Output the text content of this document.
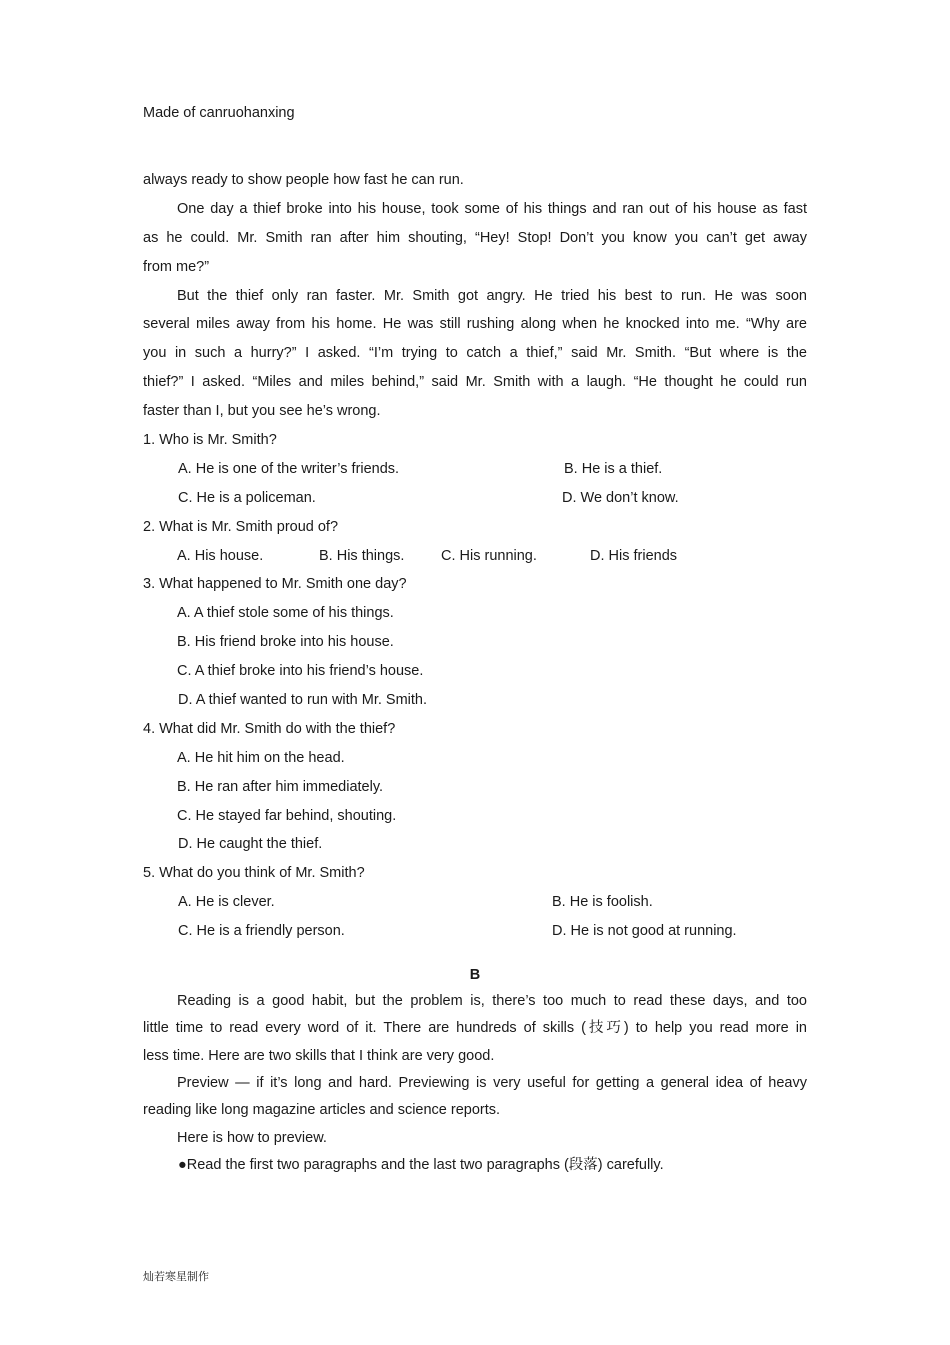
Made of canruohanxing
always ready to show people how fast he can run.
One day a thief broke into his house, took some of his things and ran out of his house as fast
as he could. Mr. Smith ran after him shouting, “Hey! Stop! Don’t you know you can’t get away
from me?”
But the thief only ran faster. Mr. Smith got angry. He tried his best to run. He was soon
several miles away from his home. He was still rushing along when he knocked into me. “Why are
you in such a hurry?” I asked. “I’m trying to catch a thief,” said Mr. Smith. “But where is the
thief?” I asked. “Miles and miles behind,” said Mr. Smith with a laugh. “He thought he could run
faster than I, but you see he’s wrong.
1. Who is Mr. Smith?
A. He is one of the writer’s friends.	B. He is a thief.
C. He is a policeman.	D. We don’t know.
2. What is Mr. Smith proud of?
A. His house.	B. His things.	C. His running.	D. His friends
3. What happened to Mr. Smith one day?
A. A thief stole some of his things.
B. His friend broke into his house.
C. A thief broke into his friend’s house.
D. A thief wanted to run with Mr. Smith.
4. What did Mr. Smith do with the thief?
A. He hit him on the head.
B. He ran after him immediately.
C. He stayed far behind, shouting.
D. He caught the thief.
5. What do you think of Mr. Smith?
A. He is clever.	B. He is foolish.
C. He is a friendly person.	D. He is not good at running.
B
Reading is a good habit, but the problem is, there’s too much to read these days, and too
little time to read every word of it. There are hundreds of skills (技巧) to help you read more in
less time. Here are two skills that I think are very good.
Preview — if it’s long and hard. Previewing is very useful for getting a general idea of heavy
reading like long magazine articles and science reports.
Here is how to preview.
●Read the first two paragraphs and the last two paragraphs (段落) carefully.
灿若寒星制作
